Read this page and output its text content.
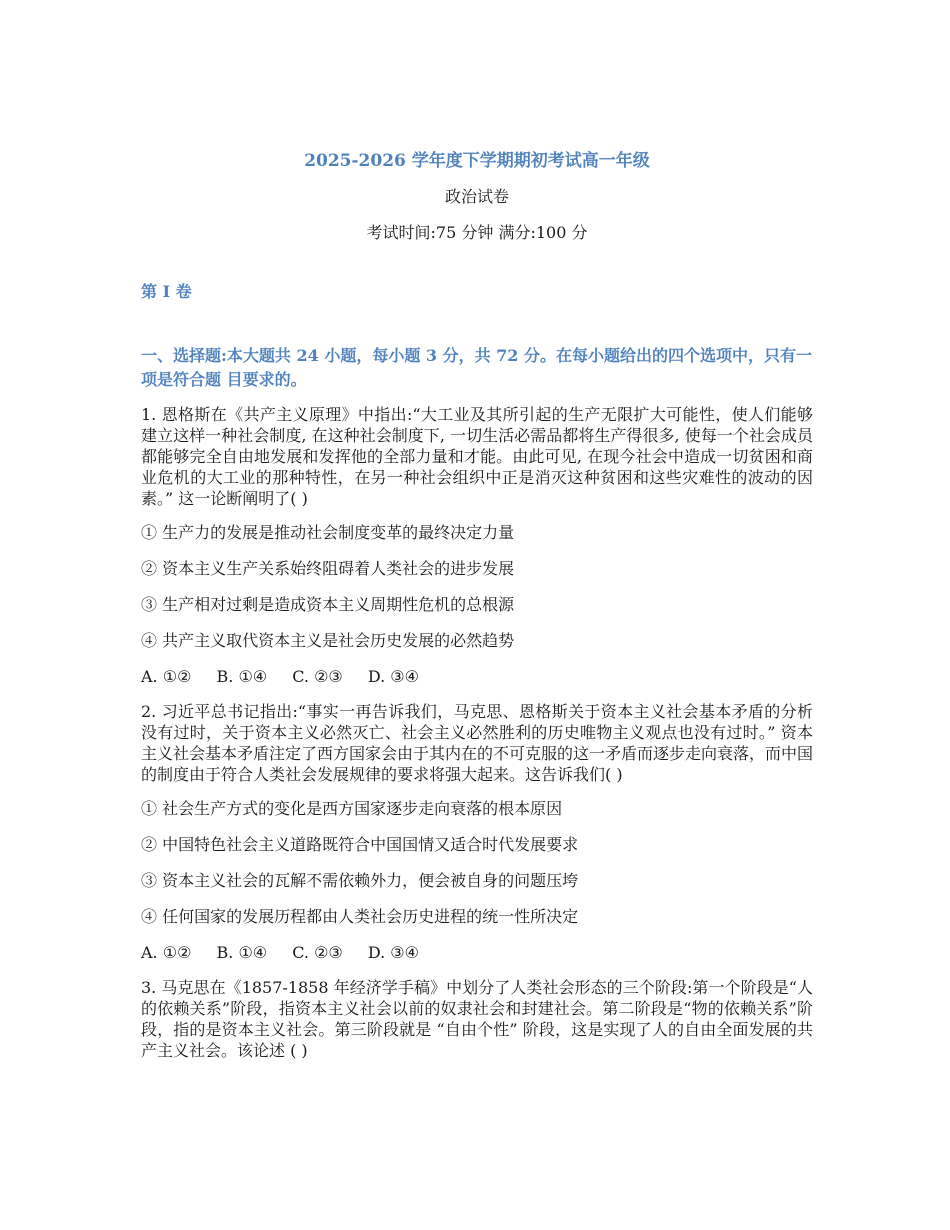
2025-2026 学年度下学期期初考试高一年级
政治试卷
考试时间:75 分钟 满分:100 分
第 I 卷
一、选择题:本大题共 24 小题，每小题 3 分，共 72 分。在每小题给出的四个选项中，只有一项是符合题 目要求的。

1. 恩格斯在《共产主义原理》中指出:“大工业及其所引起的生产无限扩大可能性，使人们能够建立这样一种社会制度, 在这种社会制度下, 一切生活必需品都将生产得很多, 使每一个社会成员都能够完全自由地发展和发挥他的全部力量和才能。由此可见, 在现今社会中造成一切贫困和商业危机的大工业的那种特性，在另一种社会组织中正是消灭这种贫困和这些灾难性的波动的因素。” 这一论断阐明了( )

① 生产力的发展是推动社会制度变革的最终决定力量

② 资本主义生产关系始终阻碍着人类社会的进步发展

③ 生产相对过剩是造成资本主义周期性危机的总根源

④ 共产主义取代资本主义是社会历史发展的必然趋势

A. ①② B. ①④ C. ②③ D. ③④

2. 习近平总书记指出:“事实一再告诉我们，马克思、恩格斯关于资本主义社会基本矛盾的分析没有过时，关于资本主义必然灭亡、社会主义必然胜利的历史唯物主义观点也没有过时。” 资本主义社会基本矛盾注定了西方国家会由于其内在的不可克服的这一矛盾而逐步走向衰落，而中国的制度由于符合人类社会发展规律的要求将强大起来。这告诉我们( )

① 社会生产方式的变化是西方国家逐步走向衰落的根本原因

② 中国特色社会主义道路既符合中国国情又适合时代发展要求

③ 资本主义社会的瓦解不需依赖外力，便会被自身的问题压垮

④ 任何国家的发展历程都由人类社会历史进程的统一性所决定

A. ①② B. ①④ C. ②③ D. ③④

3. 马克思在《1857-1858 年经济学手稿》中划分了人类社会形态的三个阶段:第一个阶段是“人的依赖关系”阶段，指资本主义社会以前的奴隶社会和封建社会。第二阶段是“物的依赖关系”阶段，指的是资本主义社会。第三阶段就是 “自由个性” 阶段，这是实现了人的自由全面发展的共产主义社会。该论述 ( )
